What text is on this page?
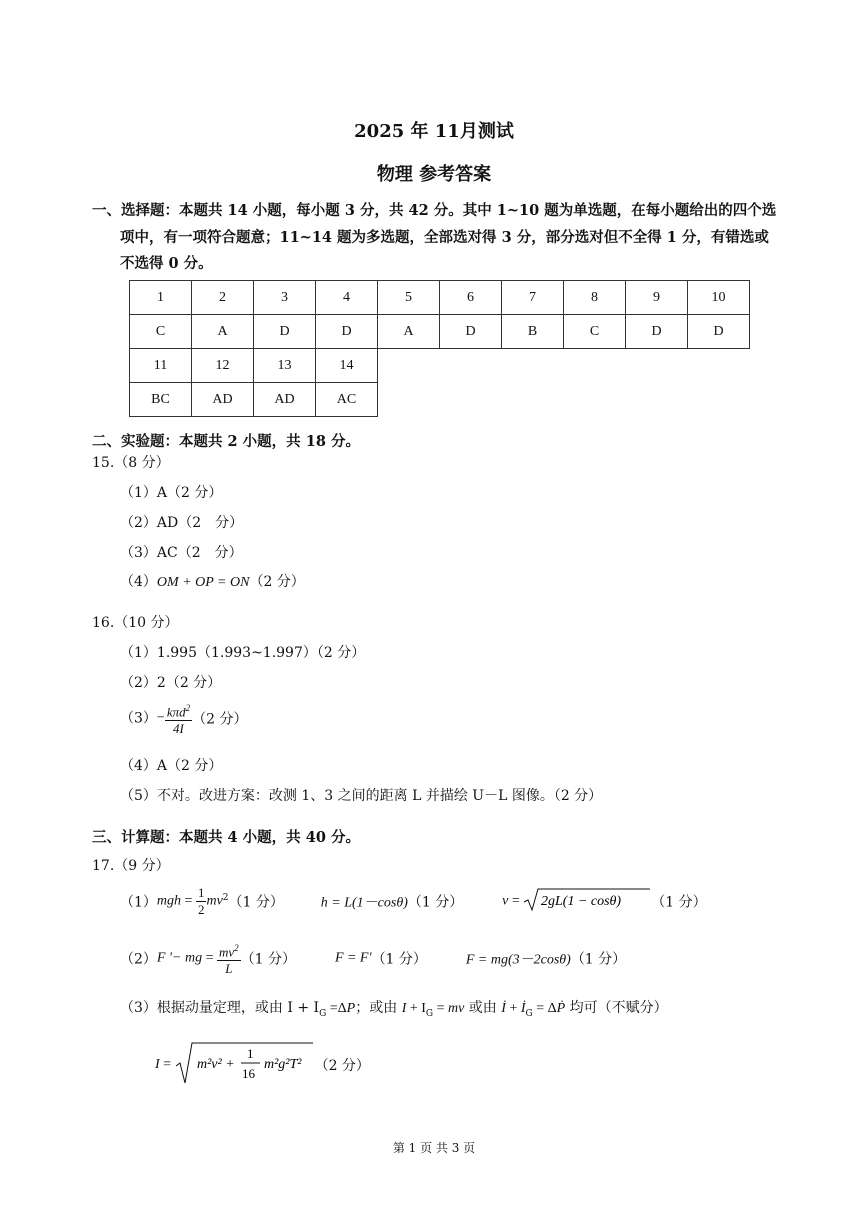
2025 年 11月测试
物理 参考答案
一、选择题：本题共 14 小题，每小题 3 分，共 42 分。其中 1~10 题为单选题，在每小题给出的四个选
项中，有一项符合题意；11~14 题为多选题，全部选对得 3 分，部分选对但不全得 1 分，有错选或
不选得 0 分。
1	2	3	4	5	6	7	8	9	10
C	A	D	D	A	D	B	C	D	D
11	12	13	14
BC	AD	AD	AC
二、实验题：本题共 2 小题，共 18 分。
15.（8 分）
（1）A（2 分）
（2）AD（2　分）
（3）AC（2　分）
（4）OM + OP = ON（2 分）
16.（10 分）
（1）1.995（1.993~1.997）（2 分）
（2）2（2 分）
$(3)- \frac{k\pi d^2}{4I} (2$ 分）
（4）A（2 分）
（5）不对。改进方案：改测 1、3 之间的距离 L 并描绘 U－L 图像。（2 分）
三、计算题：本题共 4 小题，共 40 分。
17.（9 分）
$(1)mgh = \frac{1}{2} mv^2(1$ 分）	h = L(1－cosθ)（1 分）	v = 2gL(1 − cosθ) （1 分）
（2）F ′− mg = $\frac{mv^2}{L} (1$ 分）	F = F′（1 分）	F = mg(3－2cosθ)（1 分）
（3）根据动量定理，或由 $I + I_G =\Delta P$；或由 $I + I_G$ = mv 或由 İ + $İ_G$ = ΔṖ 均可（不赋分）
I = m²v² +
1
16
m²g²T² （2 分）
第 1 页 共 3 页
